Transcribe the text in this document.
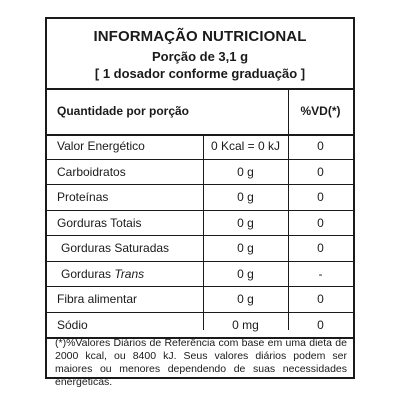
INFORMAÇÃO NUTRICIONAL
Porção de 3,1 g
[ 1 dosador conforme graduação ]
Quantidade por porção	%VD(*)
Valor Energético	0 Kcal = 0 kJ	0
Carboidratos	0 g	0
Proteínas	0 g	0
Gorduras Totais	0 g	0
Gorduras Saturadas	0 g	0
Gorduras Trans	0 g	-
Fibra alimentar	0 g	0
Sódio	0 mg	0
(*)%Valores Diários de Referência com base em uma dieta de 2000 kcal, ou 8400 kJ. Seus valores diários podem ser maiores ou menores dependendo de suas necessidades energéticas.
